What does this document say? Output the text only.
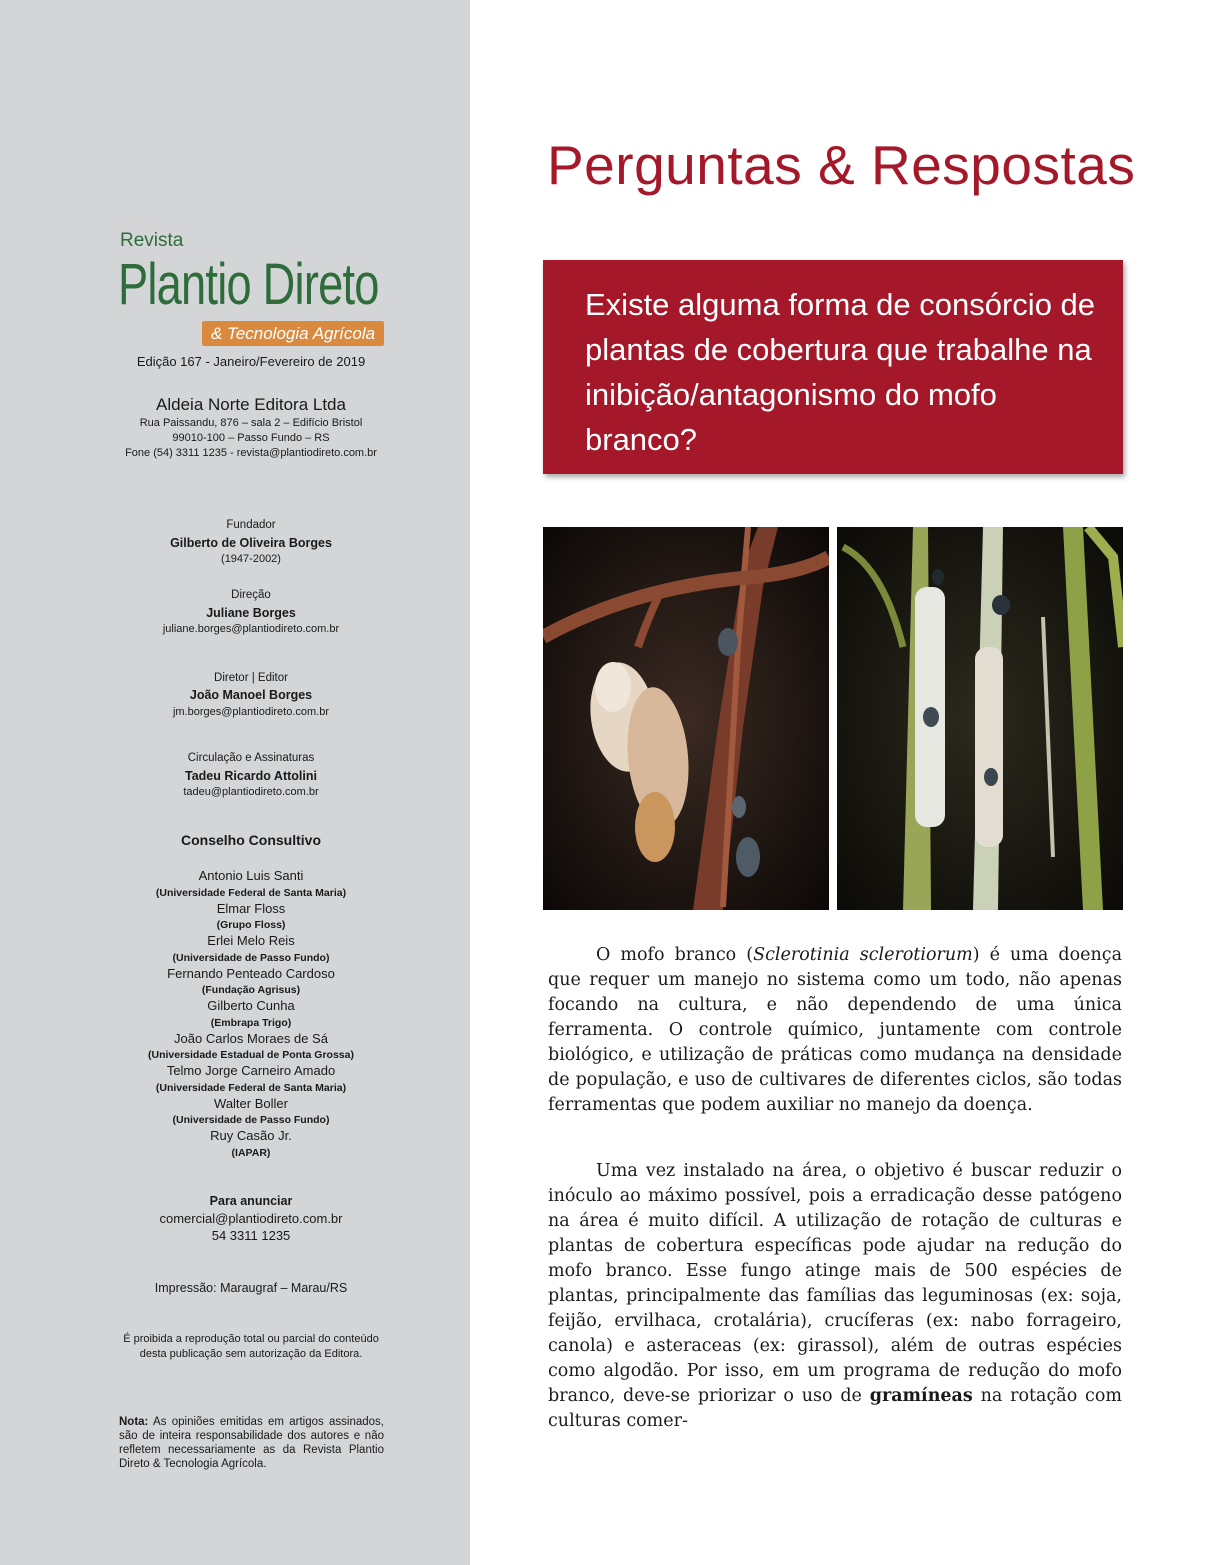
Revista
Plantio Direto
& Tecnologia Agrícola
Edição 167 - Janeiro/Fevereiro de 2019
Aldeia Norte Editora Ltda
Rua Paissandu, 876 – sala 2 – Edifício Bristol
99010-100 – Passo Fundo – RS
Fone (54) 3311 1235 - revista@plantiodireto.com.br
Fundador
Gilberto de Oliveira Borges
(1947-2002)
Direção
Juliane Borges
juliane.borges@plantiodireto.com.br
Diretor | Editor
João Manoel Borges
jm.borges@plantiodireto.com.br
Circulação e Assinaturas
Tadeu Ricardo Attolini
tadeu@plantiodireto.com.br
Conselho Consultivo
Antonio Luis Santi
(Universidade Federal de Santa Maria)
Elmar Floss
(Grupo Floss)
Erlei Melo Reis
(Universidade de Passo Fundo)
Fernando Penteado Cardoso
(Fundação Agrisus)
Gilberto Cunha
(Embrapa Trigo)
João Carlos Moraes de Sá
(Universidade Estadual de Ponta Grossa)
Telmo Jorge Carneiro Amado
(Universidade Federal de Santa Maria)
Walter Boller
(Universidade de Passo Fundo)
Ruy Casão Jr.
(IAPAR)
Para anunciar
comercial@plantiodireto.com.br
54 3311 1235
Impressão: Maraugraf – Marau/RS
É proibida a reprodução total ou parcial do conteúdo
desta publicação sem autorização da Editora.
Nota: As opiniões emitidas em artigos assinados, são de inteira responsabilidade dos autores e não refletem necessariamente as da Revista Plantio Direto & Tecnologia Agrícola.
Perguntas & Respostas
Existe alguma forma de consórcio de plantas de cobertura que trabalhe na inibição/antagonismo do mofo branco?

O mofo branco (Sclerotinia sclerotiorum) é uma doença que requer um manejo no sistema como um todo, não apenas focando na cultura, e não dependendo de uma única ferramenta. O controle químico, juntamente com controle biológico, e utilização de práticas como mudança na densidade de população, e uso de cultivares de diferentes ciclos, são todas ferramentas que podem auxiliar no manejo da doença.

Uma vez instalado na área, o objetivo é buscar reduzir o inóculo ao máximo possível, pois a erradicação desse patógeno na área é muito difícil. A utilização de rotação de culturas e plantas de cobertura específicas pode ajudar na redução do mofo branco. Esse fungo atinge mais de 500 espécies de plantas, principalmente das famílias das leguminosas (ex: soja, feijão, ervilhaca, crotalária), crucíferas (ex: nabo forrageiro, canola) e asteraceas (ex: girassol), além de outras espécies como algodão. Por isso, em um programa de redução do mofo branco, deve-se priorizar o uso de gramíneas na rotação com culturas comer-
